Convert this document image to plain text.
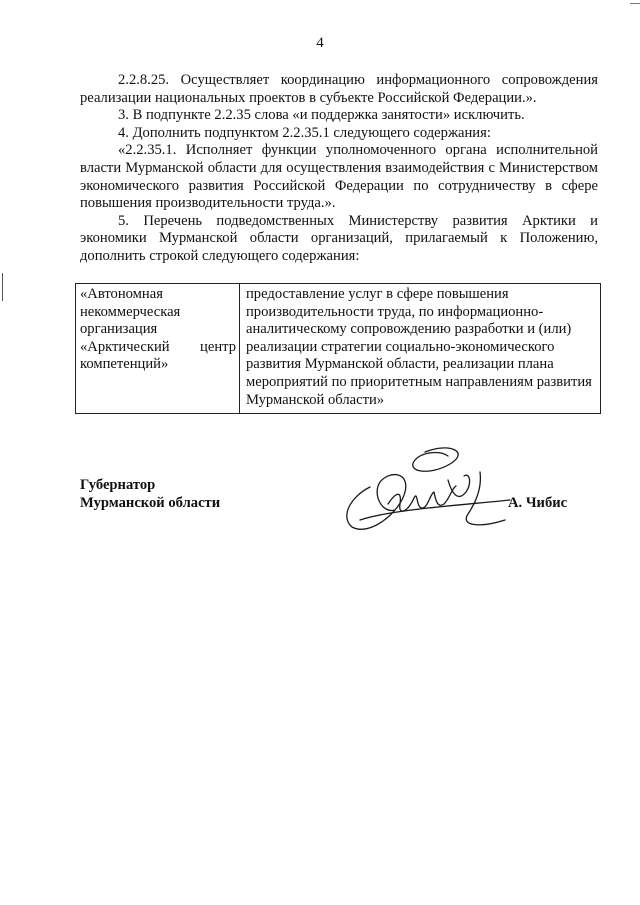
4

2.2.8.25. Осуществляет координацию информационного сопровождения реализации национальных проектов в субъекте Российской Федерации.».

3. В подпункте 2.2.35 слова «и поддержка занятости» исключить.

4. Дополнить подпунктом 2.2.35.1 следующего содержания:

«2.2.35.1. Исполняет функции уполномоченного органа исполнительной власти Мурманской области для осуществления взаимодействия с Министерством экономического развития Российской Федерации по сотрудничеству в сфере повышения производительности труда.».

5. Перечень подведомственных Министерству развития Арктики и экономики Мурманской области организаций, прилагаемый к Положению, дополнить строкой следующего содержания:

«Автономная некоммерческая организация «Арктический центр компетенций»	предоставление услуг в сфере повышения производительности труда, по информационно-аналитическому сопровождению разработки и (или) реализации стратегии социально-экономического развития Мурманской области, реализации плана мероприятий по приоритетным направлениям развития Мурманской области»
Губернатор
Мурманской области	А. Чибис
